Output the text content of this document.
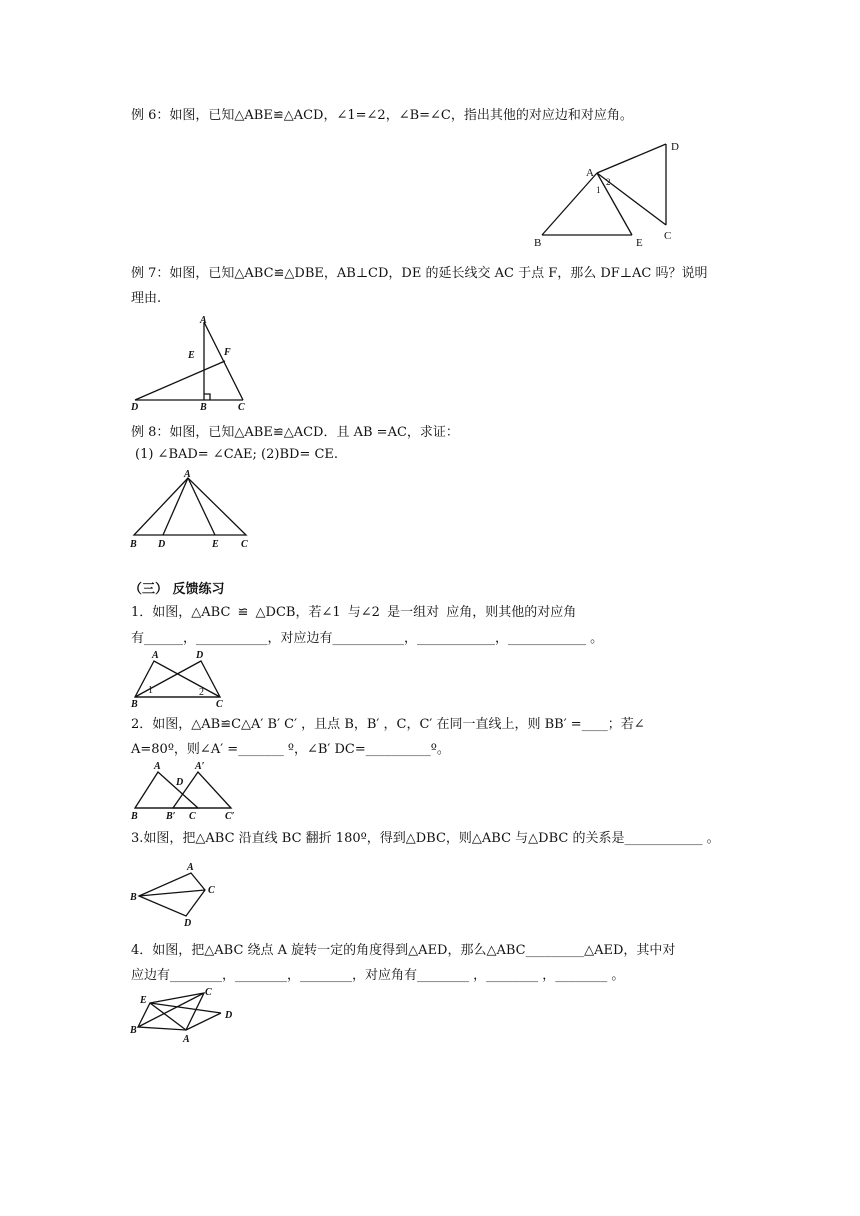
例 6：如图，已知△ABE≌△ACD，∠1=∠2，∠B=∠C，指出其他的对应边和对应角。
A
D
1
2
B	E
C
例 7：如图，已知△ABC≌△DBE，AB⊥CD，DE 的延长线交 AC 于点 F，那么 DF⊥AC 吗？说明
理由.
A
E	F
D	B	C
例 8：如图，已知△ABE≌△ACD．且 AB =AC，求证：
(1) ∠BAD= ∠CAE; (2)BD= CE.
A
B D	E C
（三） 反馈练习
1．如图，△ABC ≌ △DCB，若∠1 与∠2 是一组对 应角，则其他的对应角
有______，___________，对应边有___________，____________，____________ 。
A	D
1	2
B	C
2．如图，△AB≌C△A′ B′ C′ ，且点 B，B′ ，C，C′ 在同一直线上，则 BB′ =____；若∠
A=80º，则∠A′ =_______ º，∠B′ DC=__________º。
A	A′
D
B	B′ C	C′
3.如图，把△ABC 沿直线 BC 翻折 180º，得到△DBC，则△ABC 与△DBC 的关系是____________ 。
A
B
C
D
4．如图，把△ABC 绕点 A 旋转一定的角度得到△AED，那么△ABC_________△AED，其中对
应边有________，________，________，对应角有________ ，________ ，________ 。
E
C
D
B
A
